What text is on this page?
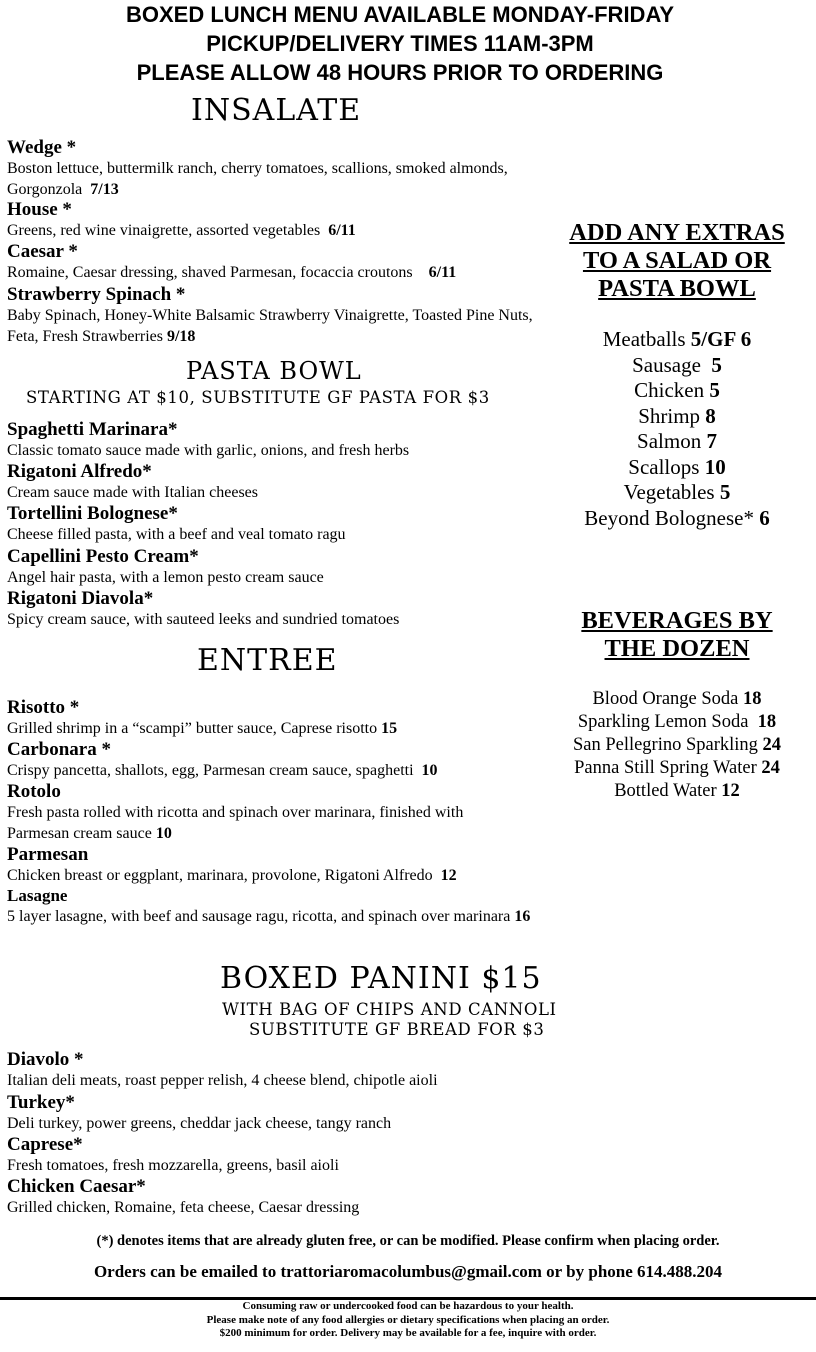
BOXED LUNCH MENU AVAILABLE MONDAY-FRIDAY
PICKUP/DELIVERY TIMES 11AM-3PM
PLEASE ALLOW 48 HOURS PRIOR TO ORDERING
INSALATE
Wedge *
Boston lettuce, buttermilk ranch, cherry tomatoes, scallions, smoked almonds, Gorgonzola 7/13
House *
Greens, red wine vinaigrette, assorted vegetables 6/11
Caesar *
Romaine, Caesar dressing, shaved Parmesan, focaccia croutons 6/11
Strawberry Spinach *
Baby Spinach, Honey-White Balsamic Strawberry Vinaigrette, Toasted Pine Nuts, Feta, Fresh Strawberries 9/18
PASTA BOWL
STARTING AT $10, SUBSTITUTE GF PASTA FOR $3
Spaghetti Marinara*
Classic tomato sauce made with garlic, onions, and fresh herbs
Rigatoni Alfredo*
Cream sauce made with Italian cheeses
Tortellini Bolognese*
Cheese filled pasta, with a beef and veal tomato ragu
Capellini Pesto Cream*
Angel hair pasta, with a lemon pesto cream sauce
Rigatoni Diavola*
Spicy cream sauce, with sauteed leeks and sundried tomatoes
ENTREE
Risotto *
Grilled shrimp in a “scampi” butter sauce, Caprese risotto 15
Carbonara *
Crispy pancetta, shallots, egg, Parmesan cream sauce, spaghetti 10
Rotolo
Fresh pasta rolled with ricotta and spinach over marinara, finished with Parmesan cream sauce 10
Parmesan
Chicken breast or eggplant, marinara, provolone, Rigatoni Alfredo 12
Lasagne
5 layer lasagne, with beef and sausage ragu, ricotta, and spinach over marinara 16
BOXED PANINI $15
WITH BAG OF CHIPS AND CANNOLI
SUBSTITUTE GF BREAD FOR $3
Diavolo *
Italian deli meats, roast pepper relish, 4 cheese blend, chipotle aioli
Turkey*
Deli turkey, power greens, cheddar jack cheese, tangy ranch
Caprese*
Fresh tomatoes, fresh mozzarella, greens, basil aioli
Chicken Caesar*
Grilled chicken, Romaine, feta cheese, Caesar dressing
ADD ANY EXTRAS
TO A SALAD OR
PASTA BOWL
Meatballs 5/GF 6
Sausage 5
Chicken 5
Shrimp 8
Salmon 7
Scallops 10
Vegetables 5
Beyond Bolognese* 6
BEVERAGES BY
THE DOZEN
Blood Orange Soda 18
Sparkling Lemon Soda 18
San Pellegrino Sparkling 24
Panna Still Spring Water 24
Bottled Water 12
(*) denotes items that are already gluten free, or can be modified. Please confirm when placing order.
Orders can be emailed to trattoriaromacolumbus@gmail.com or by phone 614.488.204
Consuming raw or undercooked food can be hazardous to your health.
Please make note of any food allergies or dietary specifications when placing an order.
$200 minimum for order. Delivery may be available for a fee, inquire with order.
